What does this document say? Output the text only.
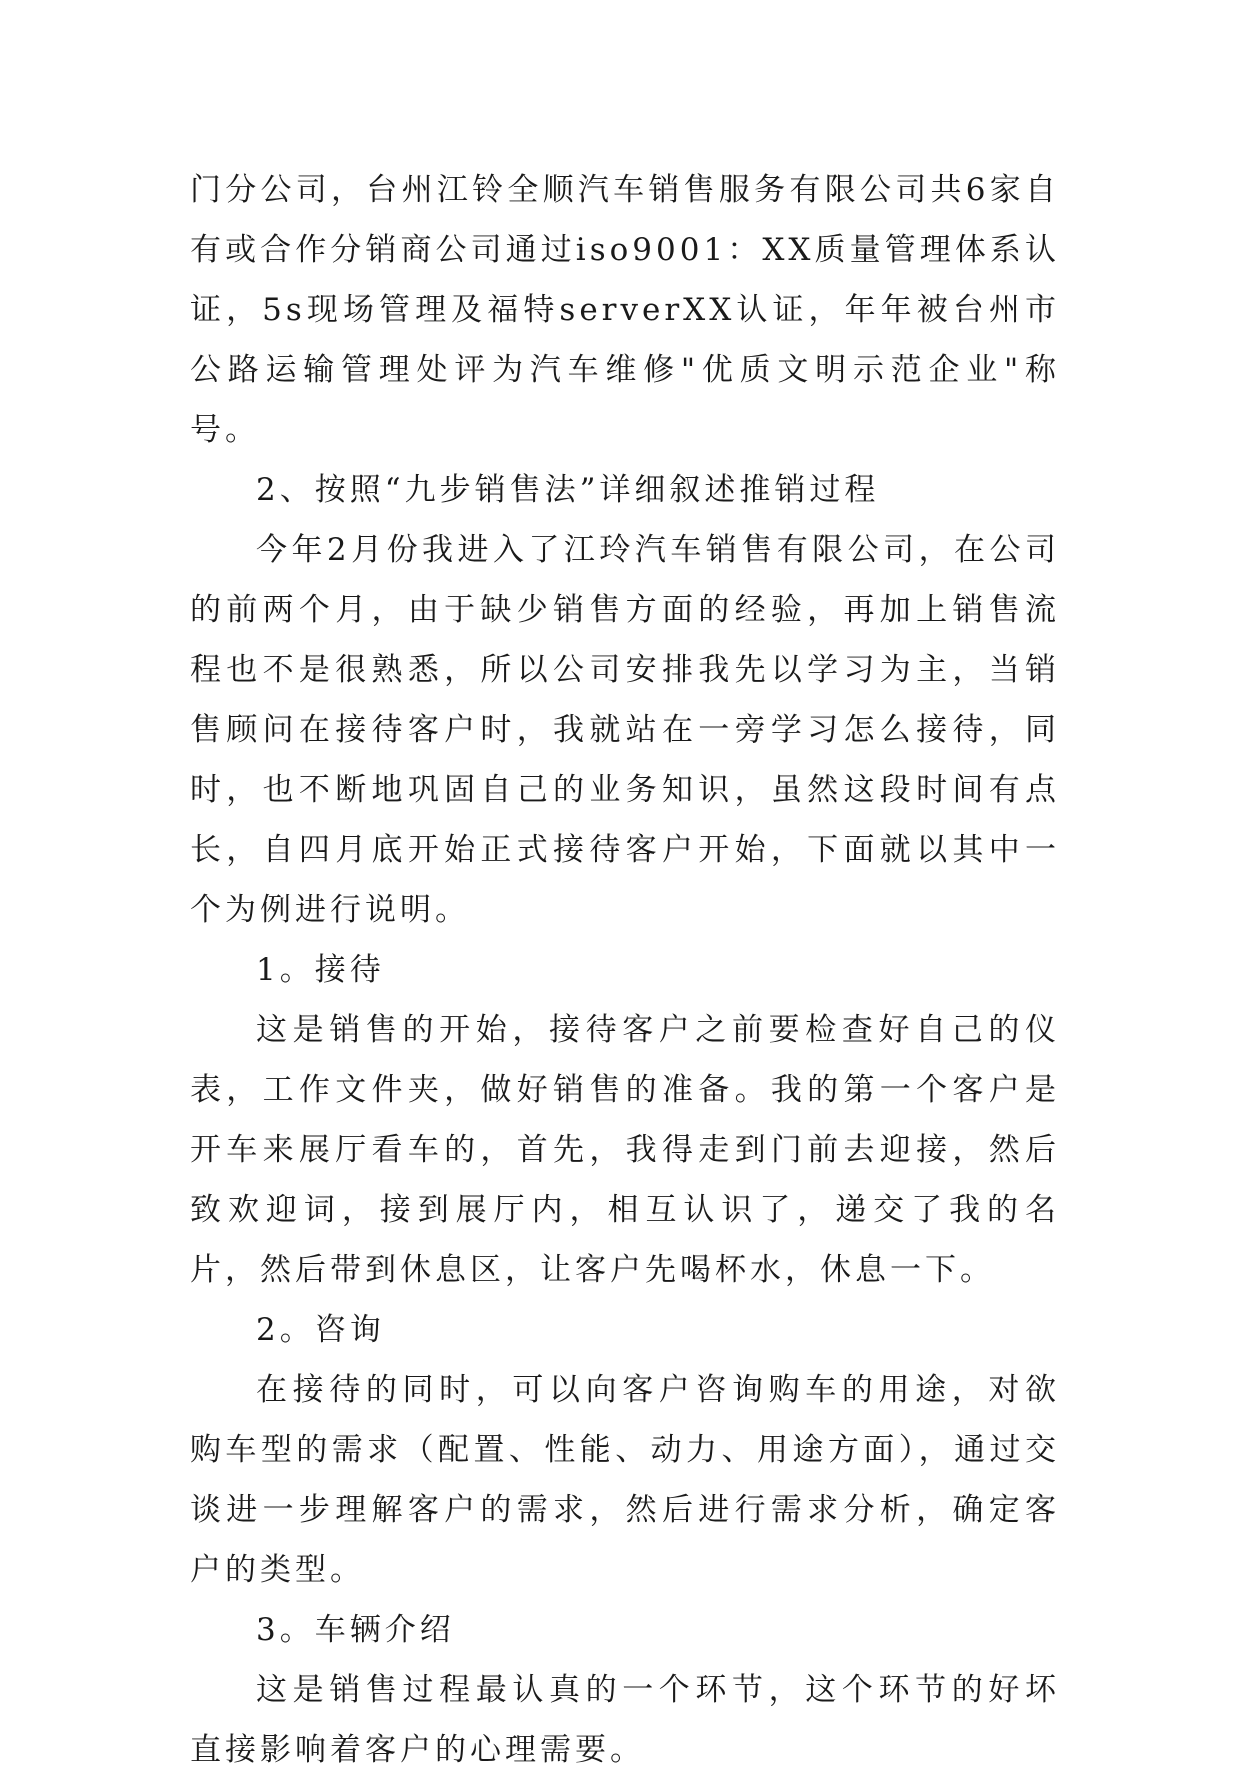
门分公司，台州江铃全顺汽车销售服务有限公司共6家自有或合作分销商公司通过iso9001：XX质量管理体系认证，5s现场管理及福特serverXX认证，年年被台州市公路运输管理处评为汽车维修"优质文明示范企业"称号。

2、按照“九步销售法”详细叙述推销过程

今年2月份我进入了江玲汽车销售有限公司，在公司的前两个月，由于缺少销售方面的经验，再加上销售流程也不是很熟悉，所以公司安排我先以学习为主，当销售顾问在接待客户时，我就站在一旁学习怎么接待，同时，也不断地巩固自己的业务知识，虽然这段时间有点长，自四月底开始正式接待客户开始，下面就以其中一个为例进行说明。

1。接待

这是销售的开始，接待客户之前要检查好自己的仪表，工作文件夹，做好销售的准备。我的第一个客户是开车来展厅看车的，首先，我得走到门前去迎接，然后致欢迎词，接到展厅内，相互认识了，递交了我的名片，然后带到休息区，让客户先喝杯水，休息一下。

2。咨询

在接待的同时，可以向客户咨询购车的用途，对欲购车型的需求（配置、性能、动力、用途方面），通过交谈进一步理解客户的需求，然后进行需求分析，确定客户的类型。

3。车辆介绍

这是销售过程最认真的一个环节，这个环节的好坏直接影响着客户的心理需要。
